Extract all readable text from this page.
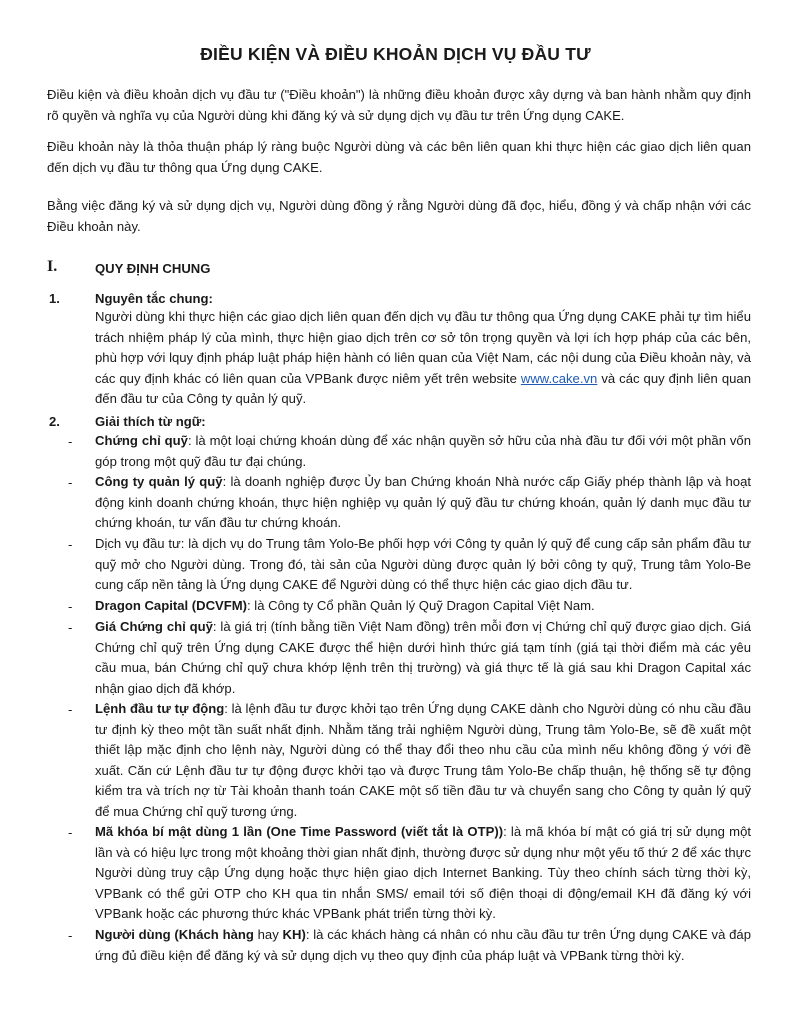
ĐIỀU KIỆN VÀ ĐIỀU KHOẢN DỊCH VỤ ĐẦU TƯ
Điều kiện và điều khoản dịch vụ đầu tư ("Điều khoản") là những điều khoản được xây dựng và ban hành nhằm quy định rõ quyền và nghĩa vụ của Người dùng khi đăng ký và sử dụng dịch vụ đầu tư trên Ứng dụng CAKE.
Điều khoản này là thỏa thuận pháp lý ràng buộc Người dùng và các bên liên quan khi thực hiện các giao dịch liên quan đến dịch vụ đầu tư thông qua Ứng dụng CAKE.
Bằng việc đăng ký và sử dụng dịch vụ, Người dùng đồng ý rằng Người dùng đã đọc, hiểu, đồng ý và chấp nhận với các Điều khoản này.
I.	QUY ĐỊNH CHUNG
1.	Nguyên tắc chung:
Người dùng khi thực hiện các giao dịch liên quan đến dịch vụ đầu tư thông qua Ứng dụng CAKE phải tự tìm hiểu trách nhiệm pháp lý của mình, thực hiện giao dịch trên cơ sở tôn trọng quyền và lợi ích hợp pháp của các bên, phù hợp với lquy định pháp luật pháp hiện hành có liên quan của Việt Nam, các nội dung của Điều khoản này, và các quy định khác có liên quan của VPBank được niêm yết trên website www.cake.vn và các quy định liên quan đến đầu tư của Công ty quản lý quỹ.
2.	Giải thích từ ngữ:
- Chứng chỉ quỹ: là một loại chứng khoán dùng để xác nhận quyền sở hữu của nhà đầu tư đối với một phần vốn góp trong một quỹ đầu tư đại chúng.
- Công ty quản lý quỹ: là doanh nghiệp được Ủy ban Chứng khoán Nhà nước cấp Giấy phép thành lập và hoạt động kinh doanh chứng khoán, thực hiện nghiệp vụ quản lý quỹ đầu tư chứng khoán, quản lý danh mục đầu tư chứng khoán, tư vấn đầu tư chứng khoán.
- Dịch vụ đầu tư: là dịch vụ do Trung tâm Yolo-Be phối hợp với Công ty quản lý quỹ để cung cấp sản phẩm đầu tư quỹ mở cho Người dùng. Trong đó, tài sản của Người dùng được quản lý bởi công ty quỹ, Trung tâm Yolo-Be cung cấp nền tảng là Ứng dụng CAKE để Người dùng có thể thực hiện các giao dịch đầu tư.
- Dragon Capital (DCVFM): là Công ty Cổ phần Quản lý Quỹ Dragon Capital Việt Nam.
- Giá Chứng chỉ quỹ: là giá trị (tính bằng tiền Việt Nam đồng) trên mỗi đơn vị Chứng chỉ quỹ được giao dịch. Giá Chứng chỉ quỹ trên Ứng dụng CAKE được thể hiện dưới hình thức giá tạm tính (giá tại thời điểm mà các yêu cầu mua, bán Chứng chỉ quỹ chưa khớp lệnh trên thị trường) và giá thực tế là giá sau khi Dragon Capital xác nhận giao dịch đã khớp.
- Lệnh đầu tư tự động: là lệnh đầu tư được khởi tạo trên Ứng dụng CAKE dành cho Người dùng có nhu cầu đầu tư định kỳ theo một tần suất nhất định. Nhằm tăng trải nghiệm Người dùng, Trung tâm Yolo-Be, sẽ đề xuất một thiết lập mặc định cho lệnh này, Người dùng có thể thay đổi theo nhu cầu của mình nếu không đồng ý với đề xuất. Căn cứ Lệnh đầu tư tự động được khởi tạo và được Trung tâm Yolo-Be chấp thuận, hệ thống sẽ tự động kiểm tra và trích nợ từ Tài khoản thanh toán CAKE một số tiền đầu tư và chuyển sang cho Công ty quản lý quỹ để mua Chứng chỉ quỹ tương ứng.
- Mã khóa bí mật dùng 1 lần (One Time Password (viết tắt là OTP)): là mã khóa bí mật có giá trị sử dụng một lần và có hiệu lực trong một khoảng thời gian nhất định, thường được sử dụng như một yếu tố thứ 2 để xác thực Người dùng truy cập Ứng dụng hoặc thực hiện giao dịch Internet Banking. Tùy theo chính sách từng thời kỳ, VPBank có thể gửi OTP cho KH qua tin nhắn SMS/ email tới số điện thoại di động/email KH đã đăng ký với VPBank hoặc các phương thức khác VPBank phát triển từng thời kỳ.
- Người dùng (Khách hàng hay KH): là các khách hàng cá nhân có nhu cầu đầu tư trên Ứng dụng CAKE và đáp ứng đủ điều kiện để đăng ký và sử dụng dịch vụ theo quy định của pháp luật và VPBank từng thời kỳ.
